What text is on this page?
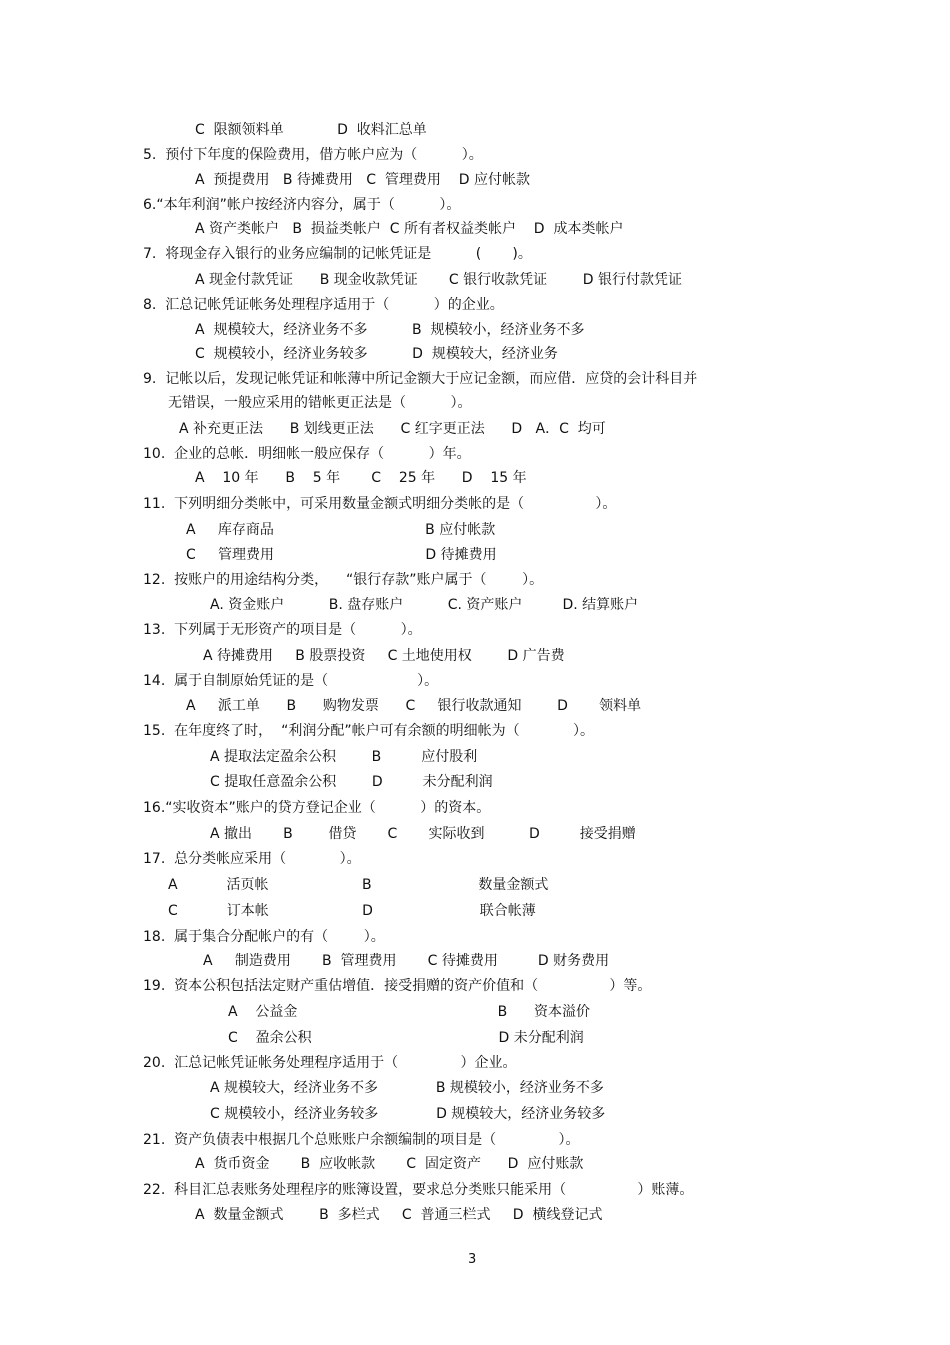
C  限额领料单            D  收料汇总单
5.  预付下年度的保险费用，借方帐户应为（          ）。
A  预提费用   B 待摊费用   C  管理费用    D 应付帐款
6.“本年利润”帐户按经济内容分，属于（          ）。
A 资产类帐户   B  损益类帐户  C 所有者权益类帐户    D  成本类帐户
7.  将现金存入银行的业务应编制的记帐凭证是          (       )。
A 现金付款凭证      B 现金收款凭证       C 银行收款凭证        D 银行付款凭证
8.  汇总记帐凭证帐务处理程序适用于（          ）的企业。
A  规模较大，经济业务不多          B  规模较小，经济业务不多
C  规模较小，经济业务较多          D  规模较大，经济业务
9.  记帐以后，发现记帐凭证和帐薄中所记金额大于应记金额，而应借．应贷的会计科目并
无错误，一般应采用的错帐更正法是（          ）。
A 补充更正法      B 划线更正法      C 红字更正法      D   A．C  均可
10.  企业的总帐．明细帐一般应保存（          ）年。
A    10 年      B    5 年       C    25 年      D    15 年
11.  下列明细分类帐中，可采用数量金额式明细分类帐的是（                ）。
A     库存商品                                  B 应付帐款
C     管理费用                                  D 待摊费用
12.  按账户的用途结构分类，    “银行存款”账户属于（        ）。
A. 资金账户          B. 盘存账户          C. 资产账户         D. 结算账户
13.  下列属于无形资产的项目是（          ）。
A 待摊费用     B 股票投资     C 土地使用权        D 广告费
14.  属于自制原始凭证的是（                    ）。
A     派工单      B      购物发票      C     银行收款通知        D       领料单
15.  在年度终了时，  “利润分配”帐户可有余额的明细帐为（            ）。
A 提取法定盈余公积        B         应付股利
C 提取任意盈余公积        D         未分配利润
16.“实收资本”账户的贷方登记企业（          ）的资本。
A 撤出       B        借贷       C       实际收到          D         接受捐赠
17.  总分类帐应采用（            ）。
A           活页帐                     B                        数量金额式
C           订本帐                     D                        联合帐薄
18.  属于集合分配帐户的有（        ）。
A     制造费用       B  管理费用       C 待摊费用         D 财务费用
19.  资本公积包括法定财产重估增值．接受捐赠的资产价值和（                ）等。
A    公益金                                             B      资本溢价
C    盈余公积                                          D 未分配利润
20.  汇总记帐凭证帐务处理程序适用于（              ）企业。
A 规模较大，经济业务不多             B 规模较小，经济业务不多
C 规模较小，经济业务较多             D 规模较大，经济业务较多
21.  资产负债表中根据几个总账账户余额编制的项目是（              ）。
A  货币资金       B  应收帐款       C  固定资产      D  应付账款
22.  科目汇总表账务处理程序的账簿设置，要求总分类账只能采用（                ）账薄。
A  数量金额式        B  多栏式     C  普通三栏式     D  横线登记式
3
